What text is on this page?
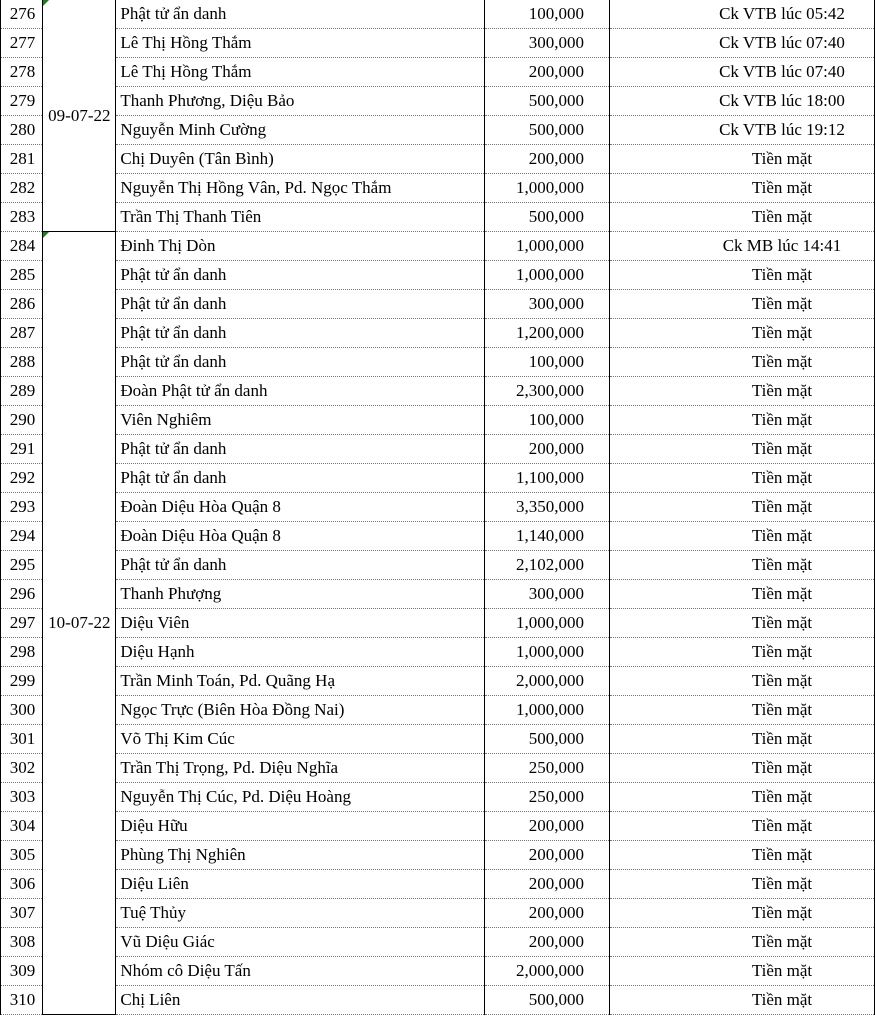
276	09-07-22	Phật tử ẩn danh	100,000	Ck VTB lúc 05:42
277		Lê Thị Hồng Thắm	300,000	Ck VTB lúc 07:40
278		Lê Thị Hồng Thắm	200,000	Ck VTB lúc 07:40
279		Thanh Phương, Diệu Bảo	500,000	Ck VTB lúc 18:00
280		Nguyễn Minh Cường	500,000	Ck VTB lúc 19:12
281		Chị Duyên (Tân Bình)	200,000	Tiền mặt
282		Nguyễn Thị Hồng Vân, Pd. Ngọc Thắm	1,000,000	Tiền mặt
283		Trần Thị Thanh Tiên	500,000	Tiền mặt
284	10-07-22	Đinh Thị Dòn	1,000,000	Ck MB lúc 14:41
285		Phật tử ẩn danh	1,000,000	Tiền mặt
286		Phật tử ẩn danh	300,000	Tiền mặt
287		Phật tử ẩn danh	1,200,000	Tiền mặt
288		Phật tử ẩn danh	100,000	Tiền mặt
289		Đoàn Phật tử ẩn danh	2,300,000	Tiền mặt
290		Viên Nghiêm	100,000	Tiền mặt
291		Phật tử ẩn danh	200,000	Tiền mặt
292		Phật tử ẩn danh	1,100,000	Tiền mặt
293		Đoàn Diệu Hòa Quận 8	3,350,000	Tiền mặt
294		Đoàn Diệu Hòa Quận 8	1,140,000	Tiền mặt
295		Phật tử ẩn danh	2,102,000	Tiền mặt
296		Thanh Phượng	300,000	Tiền mặt
297		Diệu Viên	1,000,000	Tiền mặt
298		Diệu Hạnh	1,000,000	Tiền mặt
299		Trần Minh Toán, Pd. Quãng Hạ	2,000,000	Tiền mặt
300		Ngọc Trực (Biên Hòa Đồng Nai)	1,000,000	Tiền mặt
301		Võ Thị Kim Cúc	500,000	Tiền mặt
302		Trần Thị Trọng, Pd. Diệu Nghĩa	250,000	Tiền mặt
303		Nguyễn Thị Cúc, Pd. Diệu Hoàng	250,000	Tiền mặt
304		Diệu Hữu	200,000	Tiền mặt
305		Phùng Thị Nghiên	200,000	Tiền mặt
306		Diệu Liên	200,000	Tiền mặt
307		Tuệ Thủy	200,000	Tiền mặt
308		Vũ Diệu Giác	200,000	Tiền mặt
309		Nhóm cô Diệu Tấn	2,000,000	Tiền mặt
310		Chị Liên	500,000	Tiền mặt
